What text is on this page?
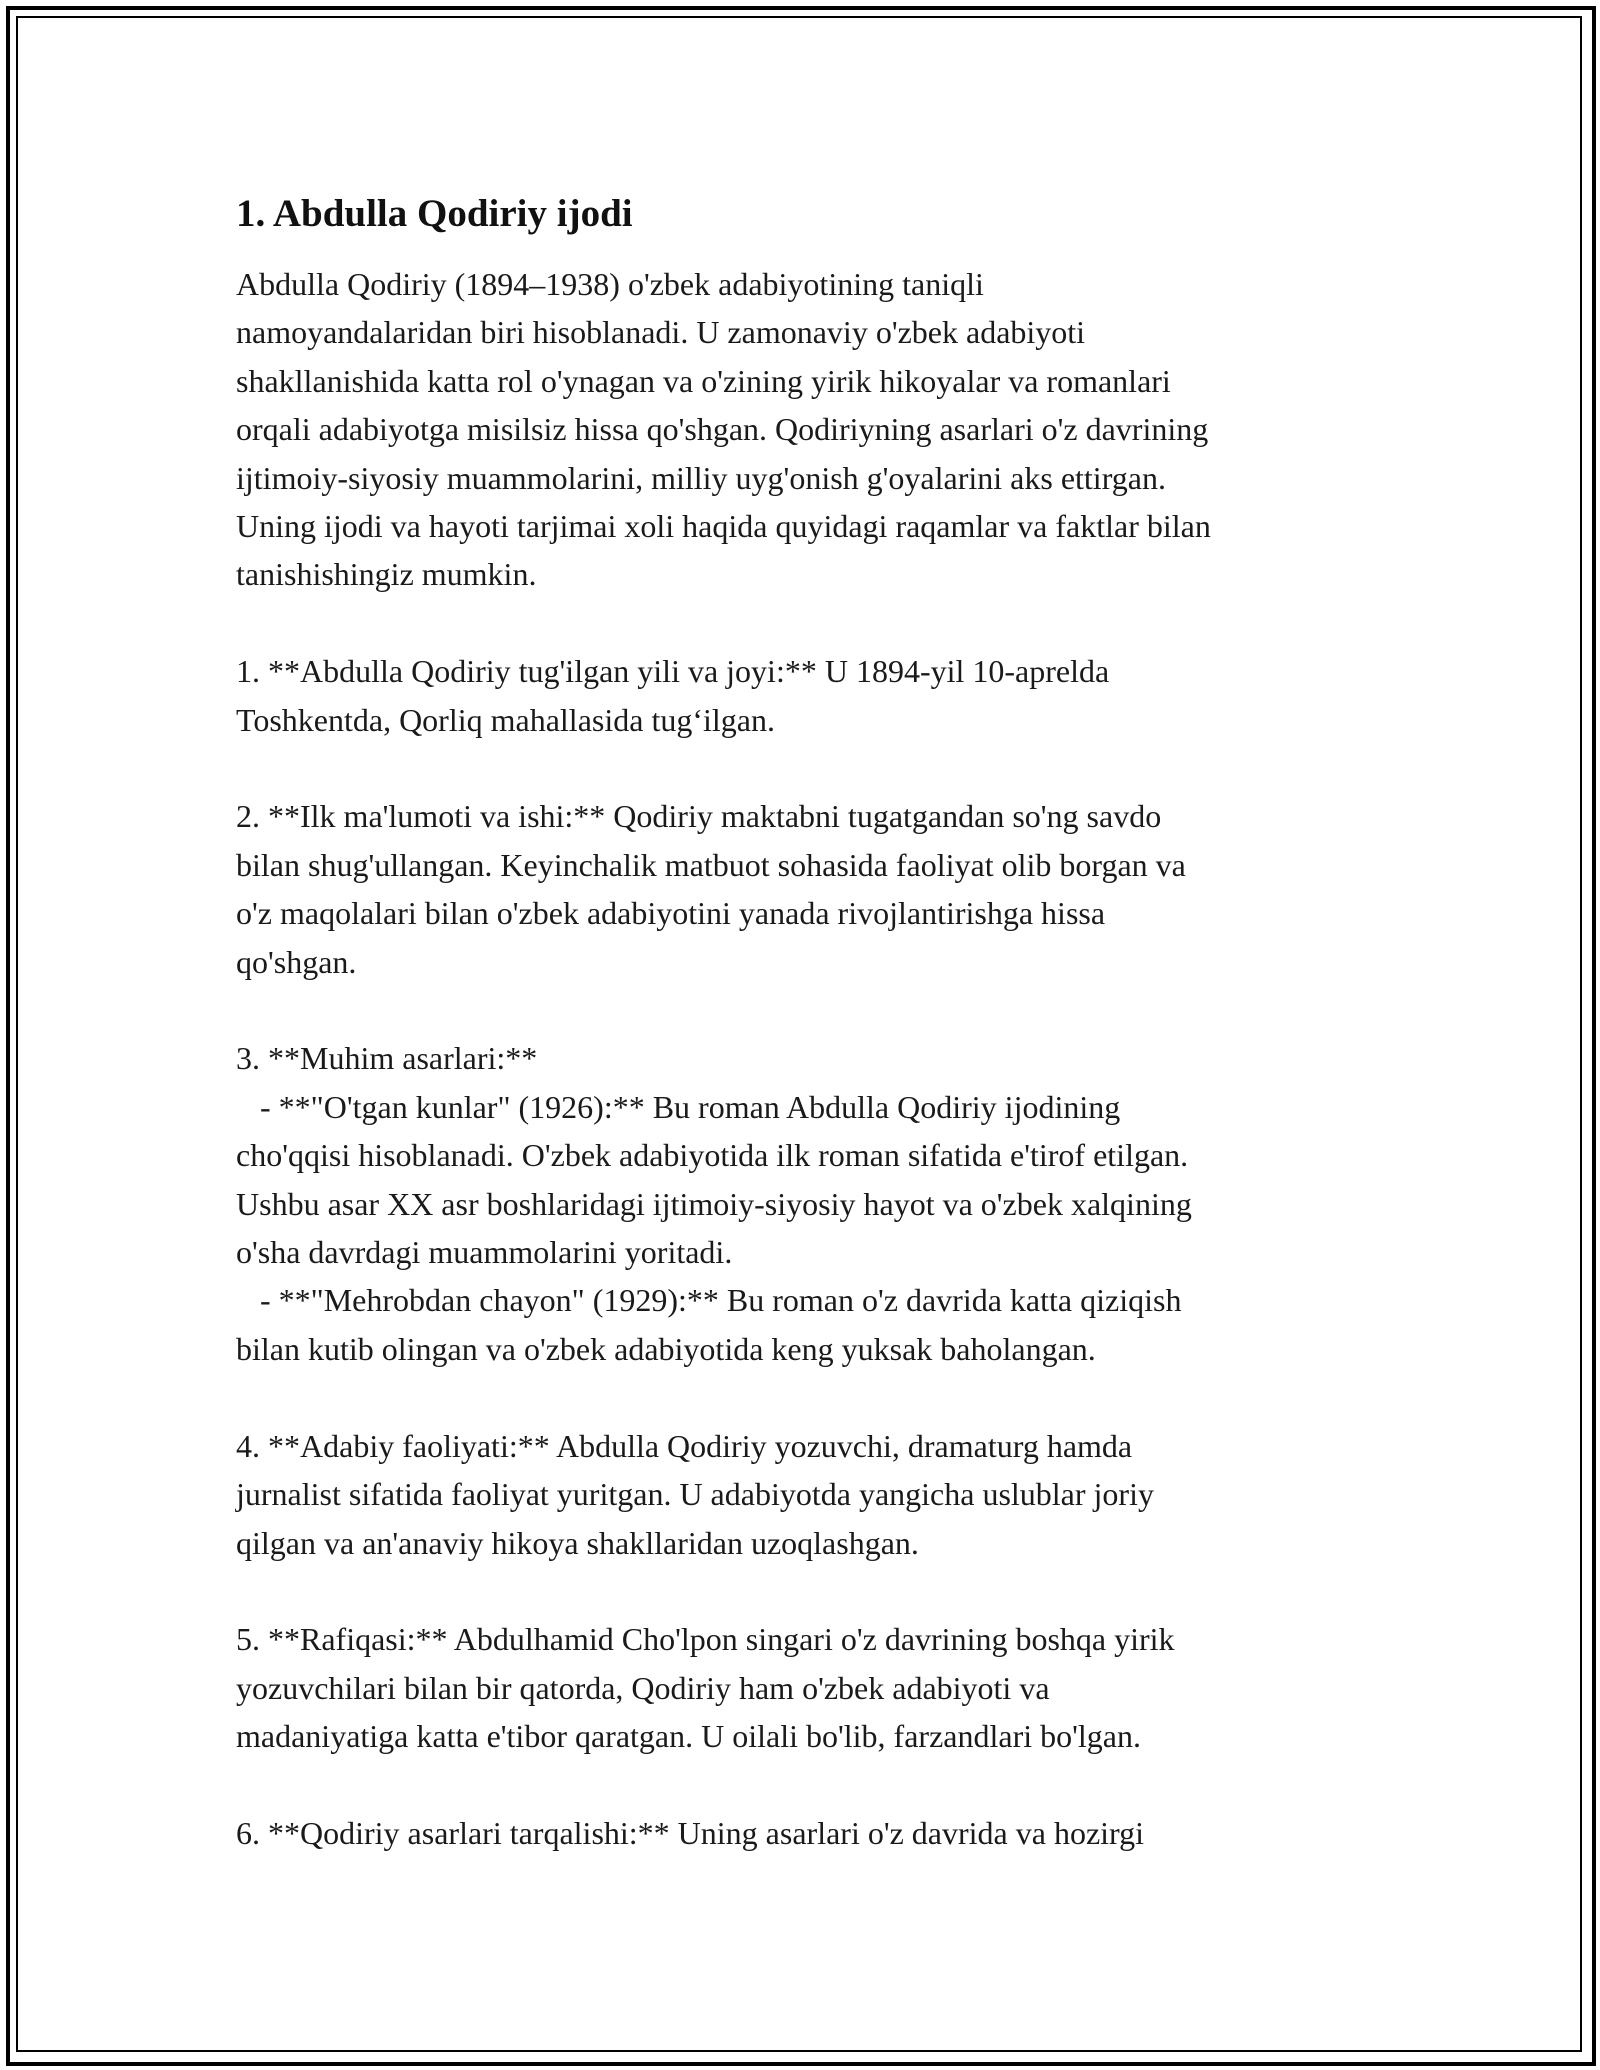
1. Abdulla Qodiriy ijodi

Abdulla Qodiriy (1894–1938) o'zbek adabiyotining taniqli
namoyandalaridan biri hisoblanadi. U zamonaviy o'zbek adabiyoti
shakllanishida katta rol o'ynagan va o'zining yirik hikoyalar va romanlari
orqali adabiyotga misilsiz hissa qo'shgan. Qodiriyning asarlari o'z davrining
ijtimoiy-siyosiy muammolarini, milliy uyg'onish g'oyalarini aks ettirgan.
Uning ijodi va hayoti tarjimai xoli haqida quyidagi raqamlar va faktlar bilan
tanishishingiz mumkin.

1. **Abdulla Qodiriy tug'ilgan yili va joyi:** U 1894-yil 10-aprelda
Toshkentda, Qorliq mahallasida tug‘ilgan.

2. **Ilk ma'lumoti va ishi:** Qodiriy maktabni tugatgandan so'ng savdo
bilan shug'ullangan. Keyinchalik matbuot sohasida faoliyat olib borgan va
o'z maqolalari bilan o'zbek adabiyotini yanada rivojlantirishga hissa
qo'shgan.

3. **Muhim asarlari:**
- **"O'tgan kunlar" (1926):** Bu roman Abdulla Qodiriy ijodining
cho'qqisi hisoblanadi. O'zbek adabiyotida ilk roman sifatida e'tirof etilgan.
Ushbu asar XX asr boshlaridagi ijtimoiy-siyosiy hayot va o'zbek xalqining
o'sha davrdagi muammolarini yoritadi.
- **"Mehrobdan chayon" (1929):** Bu roman o'z davrida katta qiziqish
bilan kutib olingan va o'zbek adabiyotida keng yuksak baholangan.

4. **Adabiy faoliyati:** Abdulla Qodiriy yozuvchi, dramaturg hamda
jurnalist sifatida faoliyat yuritgan. U adabiyotda yangicha uslublar joriy
qilgan va an'anaviy hikoya shakllaridan uzoqlashgan.

5. **Rafiqasi:** Abdulhamid Cho'lpon singari o'z davrining boshqa yirik
yozuvchilari bilan bir qatorda, Qodiriy ham o'zbek adabiyoti va
madaniyatiga katta e'tibor qaratgan. U oilali bo'lib, farzandlari bo'lgan.

6. **Qodiriy asarlari tarqalishi:** Uning asarlari o'z davrida va hozirgi
